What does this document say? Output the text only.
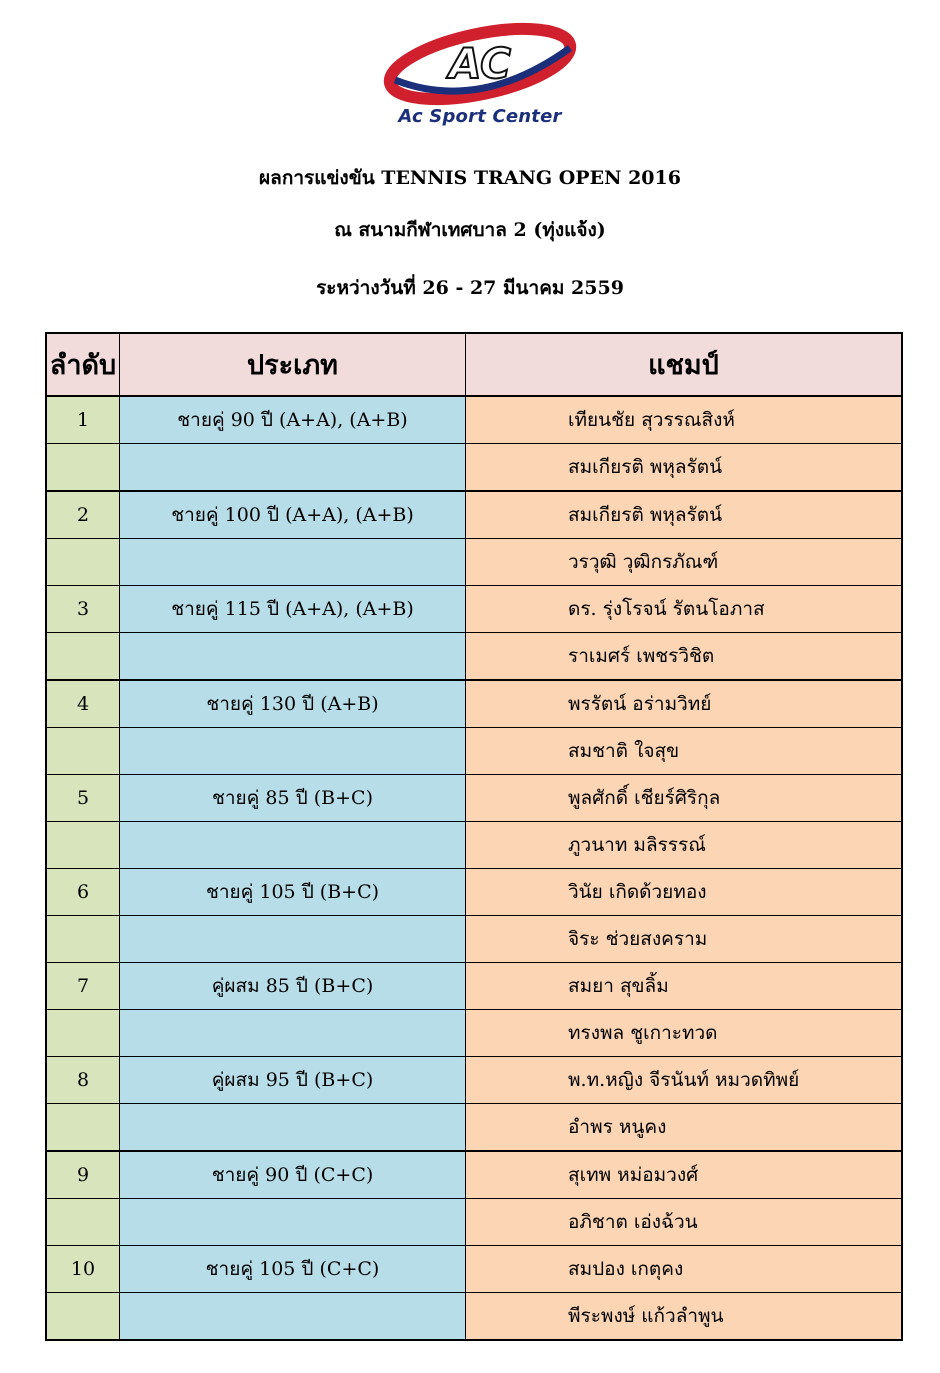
AC
Ac Sport Center
ผลการแข่งขัน TENNIS TRANG OPEN 2016
ณ สนามกีฬาเทศบาล 2 (ทุ่งแจ้ง)
ระหว่างวันที่ 26 - 27 มีนาคม 2559
ลำดับ	ประเภท	แชมป์
1	ชายคู่ 90 ปี (A+A), (A+B)	เทียนชัย สุวรรณสิงห์
		สมเกียรติ พหุลรัตน์
2	ชายคู่ 100 ปี (A+A), (A+B)	สมเกียรติ พหุลรัตน์
		วรวุฒิ วุฒิกรภัณฑ์
3	ชายคู่ 115 ปี (A+A), (A+B)	ดร. รุ่งโรจน์ รัตนโอภาส
		ราเมศร์ เพชรวิชิต
4	ชายคู่ 130 ปี (A+B)	พรรัตน์ อร่ามวิทย์
		สมชาติ ใจสุข
5	ชายคู่ 85 ปี (B+C)	พูลศักดิ์ เชียร์ศิริกุล
		ภูวนาท มลิรรรณ์
6	ชายคู่ 105 ปี (B+C)	วินัย เกิดด้วยทอง
		จิระ ช่วยสงคราม
7	คู่ผสม 85 ปี (B+C)	สมยา สุขลิ้ม
		ทรงพล ชูเกาะทวด
8	คู่ผสม 95 ปี (B+C)	พ.ท.หญิง จีรนันท์ หมวดทิพย์
		อำพร หนูคง
9	ชายคู่ 90 ปี (C+C)	สุเทพ หม่อมวงศ์
		อภิชาต เอ่งฉ้วน
10	ชายคู่ 105 ปี (C+C)	สมปอง เกตุคง
		พีระพงษ์ แก้วลำพูน
